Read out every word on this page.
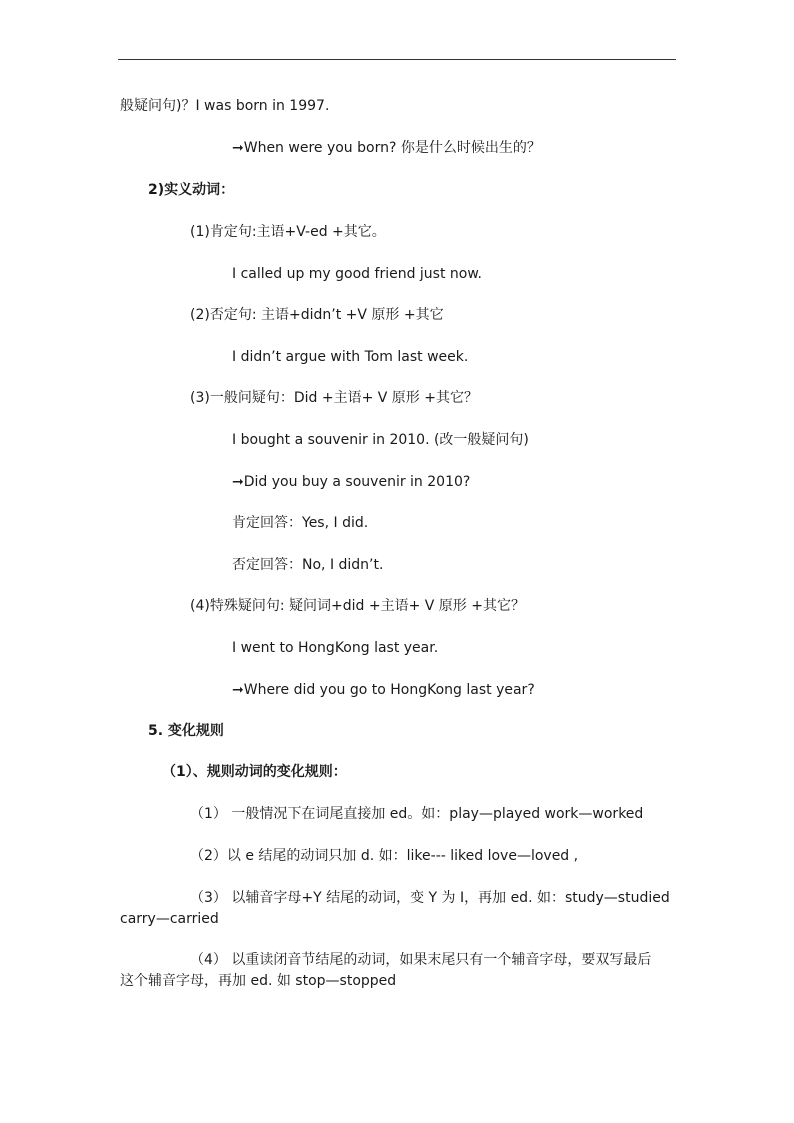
般疑问句)？I was born in 1997.
➞When were you born? 你是什么时候出生的？
2)实义动词：
(1)肯定句:主语+V-ed +其它。
I called up my good friend just now.
(2)否定句: 主语+didn’t +V 原形 +其它
I didn’t argue with Tom last week.
(3)一般问疑句：Did +主语+ V 原形 +其它？
I bought a souvenir in 2010. (改一般疑问句)
➞Did you buy a souvenir in 2010?
肯定回答：Yes, I did.
否定回答：No, I didn’t.
(4)特殊疑问句: 疑问词+did +主语+ V 原形 +其它？
I went to HongKong last year.
➞Where did you go to HongKong last year?
5. 变化规则
（1）、规则动词的变化规则：
（1） 一般情况下在词尾直接加 ed。如：play—played work—worked
（2）以 e 结尾的动词只加 d. 如：like--- liked love—loved ,
（3） 以辅音字母+Y 结尾的动词，变 Y 为 I，再加 ed. 如：study—studied
carry—carried
（4） 以重读闭音节结尾的动词，如果末尾只有一个辅音字母，要双写最后
这个辅音字母，再加 ed. 如 stop—stopped
